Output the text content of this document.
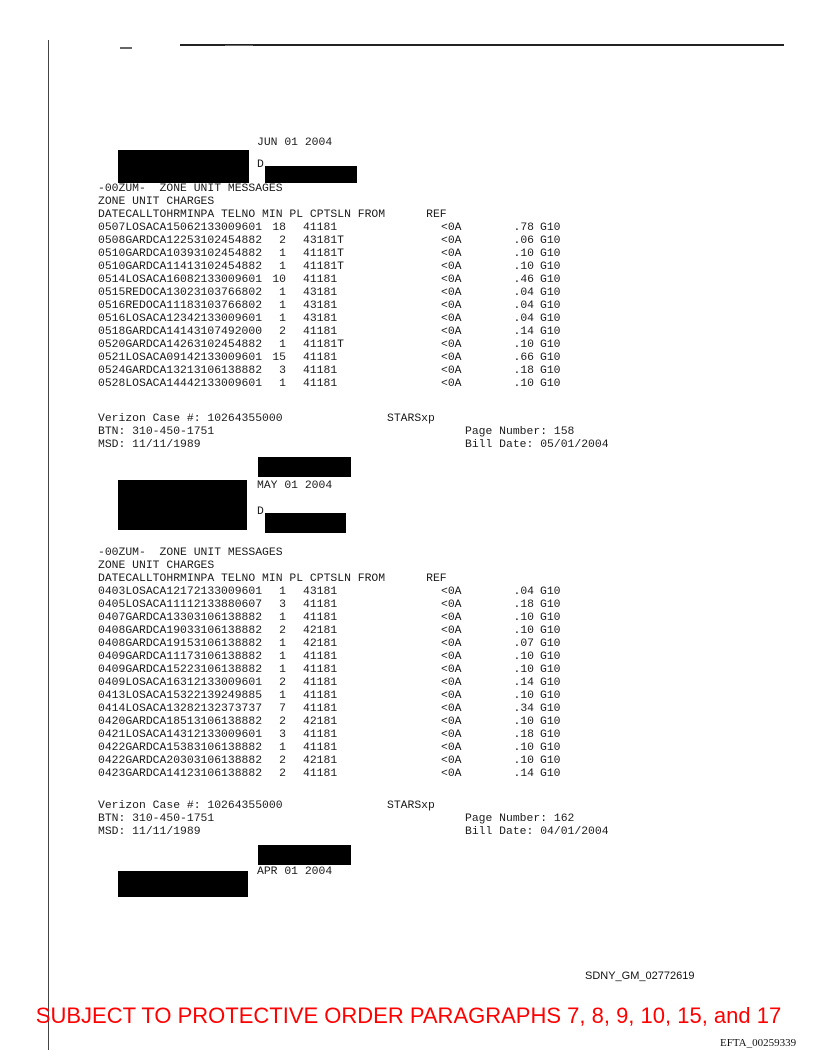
JUN 01 2004
D
-00ZUM-  ZONE UNIT MESSAGES
ZONE UNIT CHARGES
DATECALLTOHRMINPA TELNO MIN PL CPTSLN FROM      REF
0507LOSACA15062133009601 18 41181	<0A	.78 G10
0508GARDCA12253102454882	2 43181T	<0A	.06 G10
0510GARDCA10393102454882	1 41181T	<0A	.10 G10
0510GARDCA11413102454882	1 41181T	<0A	.10 G10
0514LOSACA16082133009601 10 41181	<0A	.46 G10
0515REDOCA13023103766802	1 43181	<0A	.04 G10
0516REDOCA11183103766802	1 43181	<0A	.04 G10
0516LOSACA12342133009601	1 43181	<0A	.04 G10
0518GARDCA14143107492000	2 41181	<0A	.14 G10
0520GARDCA14263102454882	1 41181T	<0A	.10 G10
0521LOSACA09142133009601 15 41181	<0A	.66 G10
0524GARDCA13213106138882	3 41181	<0A	.18 G10
0528LOSACA14442133009601	1 41181	<0A	.10 G10
Verizon Case #: 10264355000	STARSxp
BTN: 310-450-1751	Page Number: 158
MSD: 11/11/1989	Bill Date: 05/01/2004
MAY 01 2004
D
-00ZUM-  ZONE UNIT MESSAGES
ZONE UNIT CHARGES
DATECALLTOHRMINPA TELNO MIN PL CPTSLN FROM      REF
0403LOSACA12172133009601	1 43181	<0A	.04 G10
0405LOSACA11112133880607	3 41181	<0A	.18 G10
0407GARDCA13303106138882	1 41181	<0A	.10 G10
0408GARDCA19033106138882	2 42181	<0A	.10 G10
0408GARDCA19153106138882	1 42181	<0A	.07 G10
0409GARDCA11173106138882	1 41181	<0A	.10 G10
0409GARDCA15223106138882	1 41181	<0A	.10 G10
0409LOSACA16312133009601	2 41181	<0A	.14 G10
0413LOSACA15322139249885	1 41181	<0A	.10 G10
0414LOSACA13282132373737	7 41181	<0A	.34 G10
0420GARDCA18513106138882	2 42181	<0A	.10 G10
0421LOSACA14312133009601	3 41181	<0A	.18 G10
0422GARDCA15383106138882	1 41181	<0A	.10 G10
0422GARDCA20303106138882	2 42181	<0A	.10 G10
0423GARDCA14123106138882	2 41181	<0A	.14 G10
Verizon Case #: 10264355000	STARSxp
BTN: 310-450-1751	Page Number: 162
MSD: 11/11/1989	Bill Date: 04/01/2004
APR 01 2004
SDNY_GM_02772619
SUBJECT TO PROTECTIVE ORDER PARAGRAPHS 7, 8, 9, 10, 15, and 17
EFTA_00259339
